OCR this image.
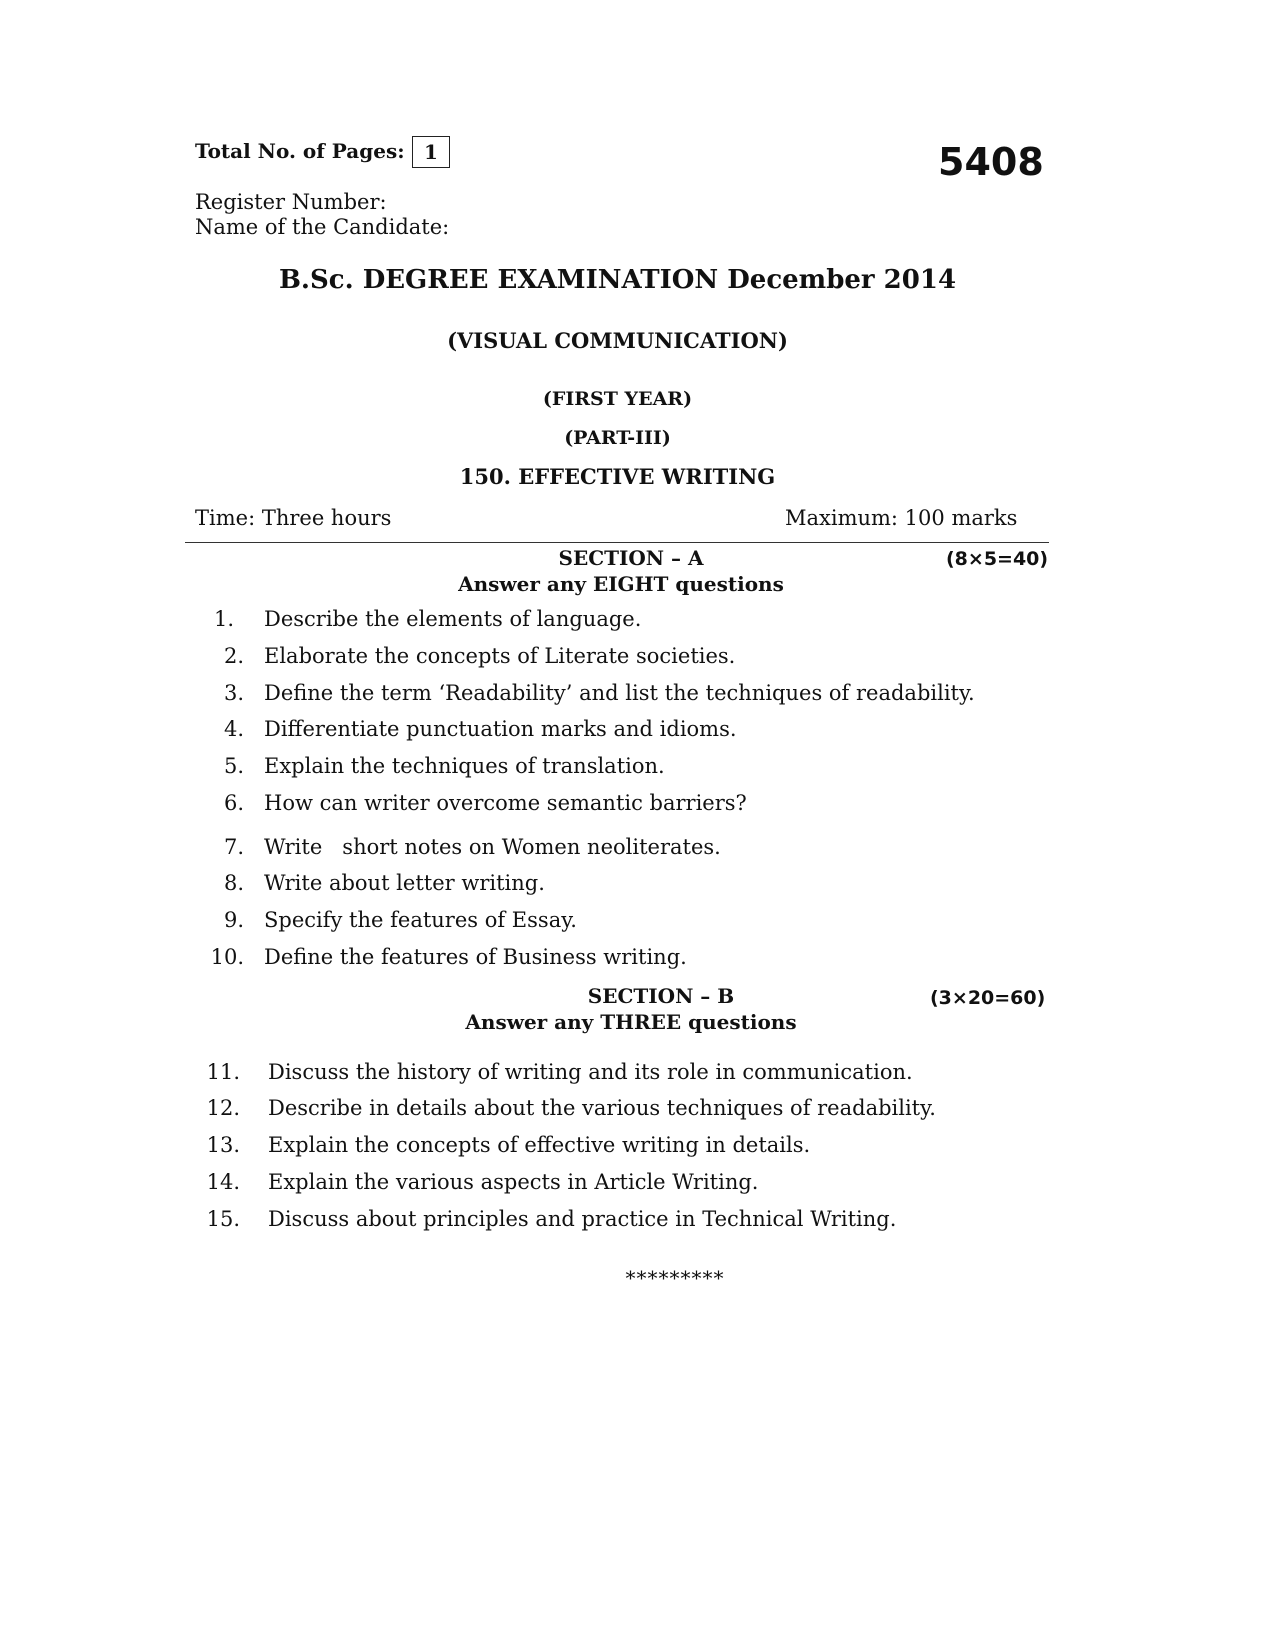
Total No. of Pages: 1	5408
Register Number:
Name of the Candidate:
B.Sc. DEGREE EXAMINATION December 2014
(VISUAL COMMUNICATION)
(FIRST YEAR)
(PART-III)
150. EFFECTIVE WRITING
Time: Three hours	Maximum: 100 marks
SECTION – A	(8×5=40)
Answer any EIGHT questions
1. Describe the elements of language.
2. Elaborate the concepts of Literate societies.
3. Define the term ‘Readability’ and list the techniques of readability.
4. Differentiate punctuation marks and idioms.
5. Explain the techniques of translation.
6. How can writer overcome semantic barriers?
7. Write   short notes on Women neoliterates.
8. Write about letter writing.
9. Specify the features of Essay.
10. Define the features of Business writing.
SECTION – B	(3×20=60)
Answer any THREE questions
11. Discuss the history of writing and its role in communication.
12. Describe in details about the various techniques of readability.
13. Explain the concepts of effective writing in details.
14. Explain the various aspects in Article Writing.
15. Discuss about principles and practice in Technical Writing.
*********
